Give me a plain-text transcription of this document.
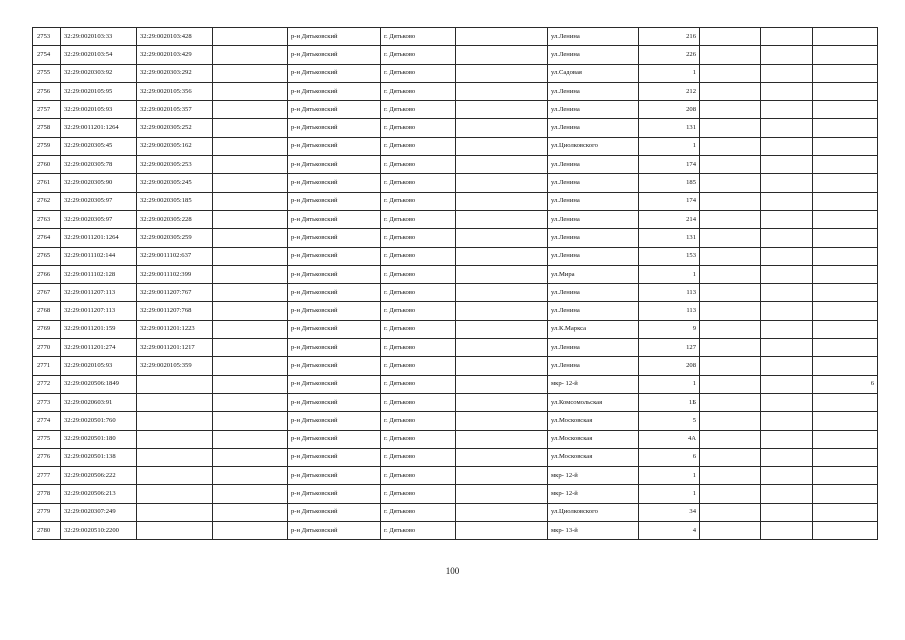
2753	32:29:0020103:33	32:29:0020103:428		р-н Дятьковский	г. Дятьково		ул.Ленина	216			
2754	32:29:0020103:54	32:29:0020103:429		р-н Дятьковский	г. Дятьково		ул.Ленина	226			
2755	32:29:0020303:92	32:29:0020303:292		р-н Дятьковский	г. Дятьково		ул.Садовая	1			
2756	32:29:0020105:95	32:29:0020105:356		р-н Дятьковский	г. Дятьково		ул.Ленина	212			
2757	32:29:0020105:93	32:29:0020105:357		р-н Дятьковский	г. Дятьково		ул.Ленина	208			
2758	32:29:0011201:1264	32:29:0020305:252		р-н Дятьковский	г. Дятьково		ул.Ленина	131			
2759	32:29:0020305:45	32:29:0020305:162		р-н Дятьковский	г. Дятьково		ул.Циолковского	1			
2760	32:29:0020305:78	32:29:0020305:253		р-н Дятьковский	г. Дятьково		ул.Ленина	174			
2761	32:29:0020305:90	32:29:0020305:245		р-н Дятьковский	г. Дятьково		ул.Ленина	185			
2762	32:29:0020305:97	32:29:0020305:185		р-н Дятьковский	г. Дятьково		ул.Ленина	174			
2763	32:29:0020305:97	32:29:0020305:228		р-н Дятьковский	г. Дятьково		ул.Ленина	214			
2764	32:29:0011201:1264	32:29:0020305:259		р-н Дятьковский	г. Дятьково		ул.Ленина	131			
2765	32:29:0011102:144	32:29:0011102:637		р-н Дятьковский	г. Дятьково		ул.Ленина	153			
2766	32:29:0011102:128	32:29:0011102:399		р-н Дятьковский	г. Дятьково		ул.Мира	1			
2767	32:29:0011207:113	32:29:0011207:767		р-н Дятьковский	г. Дятьково		ул.Ленина	113			
2768	32:29:0011207:113	32:29:0011207:768		р-н Дятьковский	г. Дятьково		ул.Ленина	113			
2769	32:29:0011201:159	32:29:0011201:1223		р-н Дятьковский	г. Дятьково		ул.К.Маркса	9			
2770	32:29:0011201:274	32:29:0011201:1217		р-н Дятьковский	г. Дятьково		ул.Ленина	127			
2771	32:29:0020105:93	32:29:0020105:359		р-н Дятьковский	г. Дятьково		ул.Ленина	208			
2772	32:29:0020506:1849			р-н Дятьковский	г. Дятьково		мкр- 12-й	1			6
2773	32:29:0020603:91			р-н Дятьковский	г. Дятьково		ул.Комсомольская	1Б			
2774	32:29:0020501:760			р-н Дятьковский	г. Дятьково		ул.Московская	5			
2775	32:29:0020501:180			р-н Дятьковский	г. Дятьково		ул.Московская	4А			
2776	32:29:0020501:138			р-н Дятьковский	г. Дятьково		ул.Московская	6			
2777	32:29:0020506:222			р-н Дятьковский	г. Дятьково		мкр- 12-й	1			
2778	32:29:0020506:213			р-н Дятьковский	г. Дятьково		мкр- 12-й	1			
2779	32:29:0020307:249			р-н Дятьковский	г. Дятьково		ул.Циолковского	34			
2780	32:29:0020510:2200			р-н Дятьковский	г. Дятьково		мкр- 13-й	4			
100
